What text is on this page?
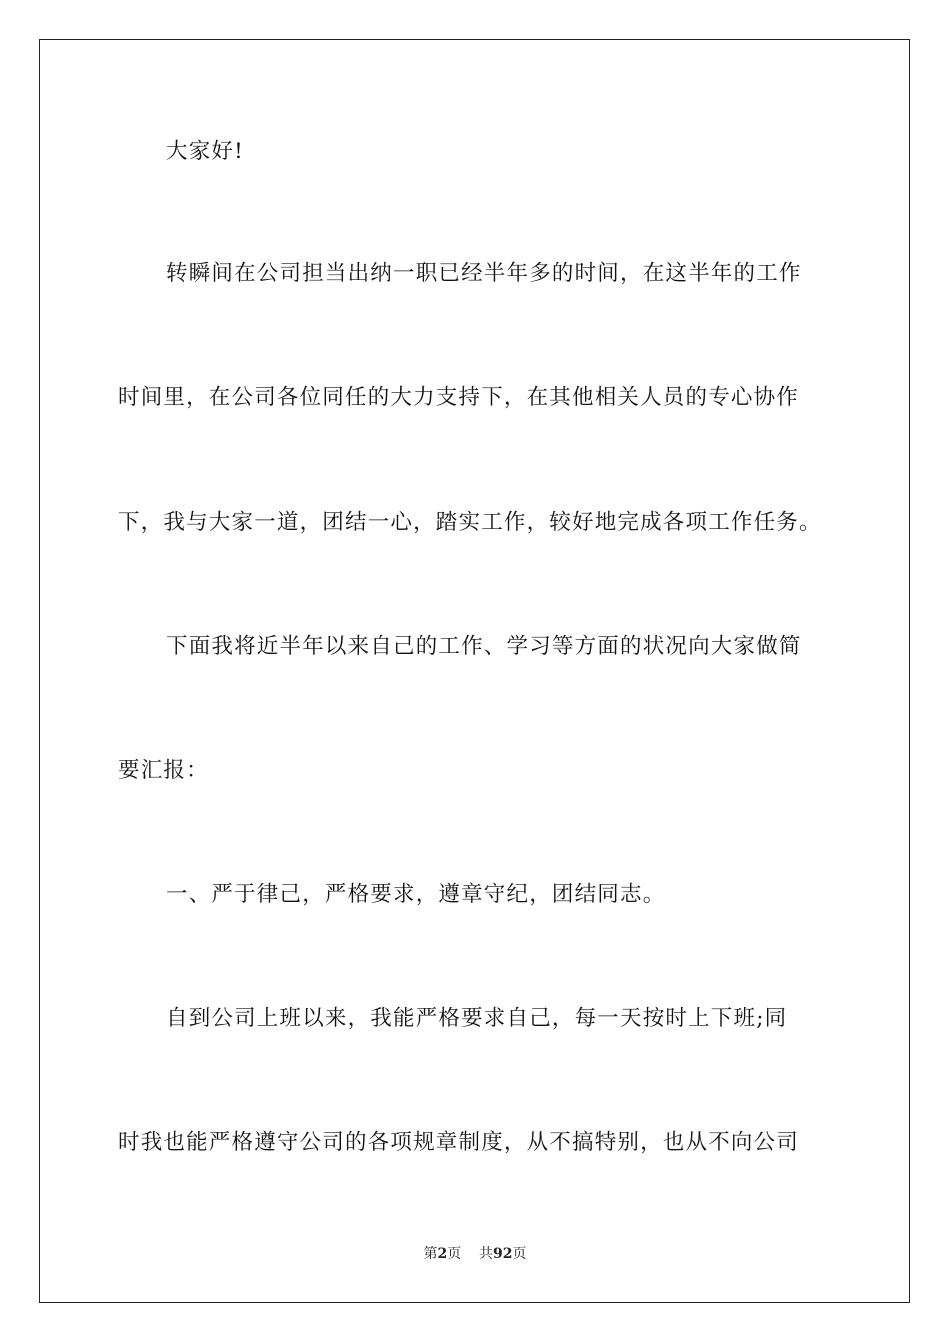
大家好!
转瞬间在公司担当出纳一职已经半年多的时间，在这半年的工作
时间里，在公司各位同任的大力支持下，在其他相关人员的专心协作
下，我与大家一道，团结一心，踏实工作，较好地完成各项工作任务。
下面我将近半年以来自己的工作、学习等方面的状况向大家做简
要汇报：
一、严于律己，严格要求，遵章守纪，团结同志。
自到公司上班以来，我能严格要求自己，每一天按时上下班;同
时我也能严格遵守公司的各项规章制度，从不搞特别，也从不向公司
第2页 共92页
